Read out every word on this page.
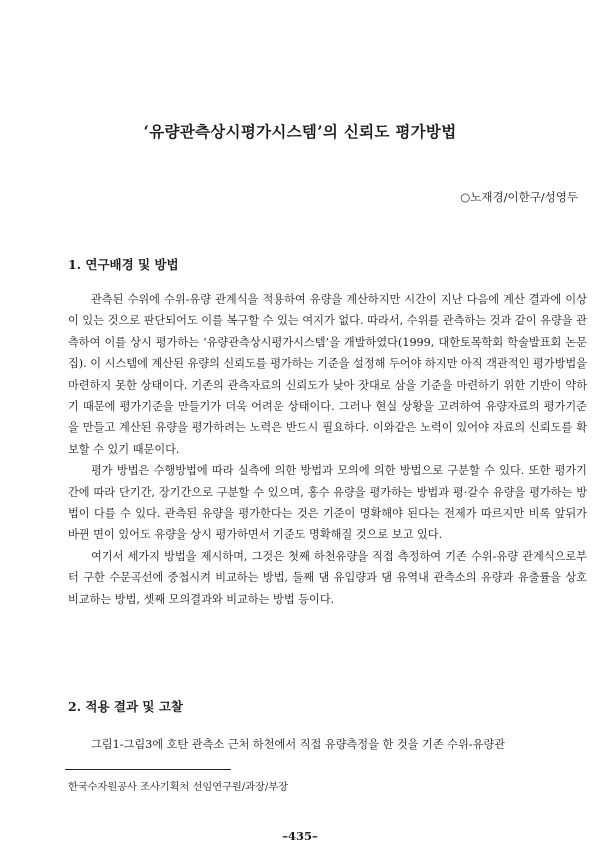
‘유량관측상시평가시스템’의 신뢰도 평가방법
○노재경/이한구/성영두
1. 연구배경 및 방법

관측된 수위에 수위-유량 관계식을 적용하여 유량을 계산하지만 시간이 지난 다음에 계산 결과에 이상이 있는 것으로 판단되어도 이를 복구할 수 있는 여지가 없다. 따라서, 수위를 관측하는 것과 같이 유량을 관측하여 이를 상시 평가하는 ‘유량관측상시평가시스템’을 개발하였다(1999, 대한토목학회 학술발표회 논문집). 이 시스템에 계산된 유량의 신뢰도를 평가하는 기준을 설정해 두어야 하지만 아직 객관적인 평가방법을 마련하지 못한 상태이다. 기존의 관측자료의 신뢰도가 낮아 잣대로 삼을 기준을 마련하기 위한 기반이 약하기 때문에 평가기준을 만들기가 더욱 어려운 상태이다. 그러나 현실 상황을 고려하여 유량자료의 평가기준을 만들고 계산된 유량을 평가하려는 노력은 반드시 필요하다. 이와같은 노력이 있어야 자료의 신뢰도를 확보할 수 있기 때문이다.

평가 방법은 수행방법에 따라 실측에 의한 방법과 모의에 의한 방법으로 구분할 수 있다. 또한 평가기간에 따라 단기간, 장기간으로 구분할 수 있으며, 홍수 유량을 평가하는 방법과 평·갈수 유량을 평가하는 방법이 다를 수 있다. 관측된 유량을 평가한다는 것은 기준이 명확해야 된다는 전제가 따르지만 비록 앞뒤가 바뀐 면이 있어도 유량을 상시 평가하면서 기준도 명확해질 것으로 보고 있다.

여기서 세가지 방법을 제시하며, 그것은 첫째 하천유량을 직접 측정하여 기존 수위-유량 관계식으로부터 구한 수문곡선에 중첩시켜 비교하는 방법, 둘째 댐 유입량과 댐 유역내 관측소의 유량과 유출률을 상호 비교하는 방법, 셋째 모의결과와 비교하는 방법 등이다.

2. 적용 결과 및 고찰

그림1-그림3에 호탄 관측소 근처 하천에서 직접 유량측정을 한 것을 기존 수위-유량관

한국수자원공사 조사기획처 선임연구원/과장/부장
–435–
